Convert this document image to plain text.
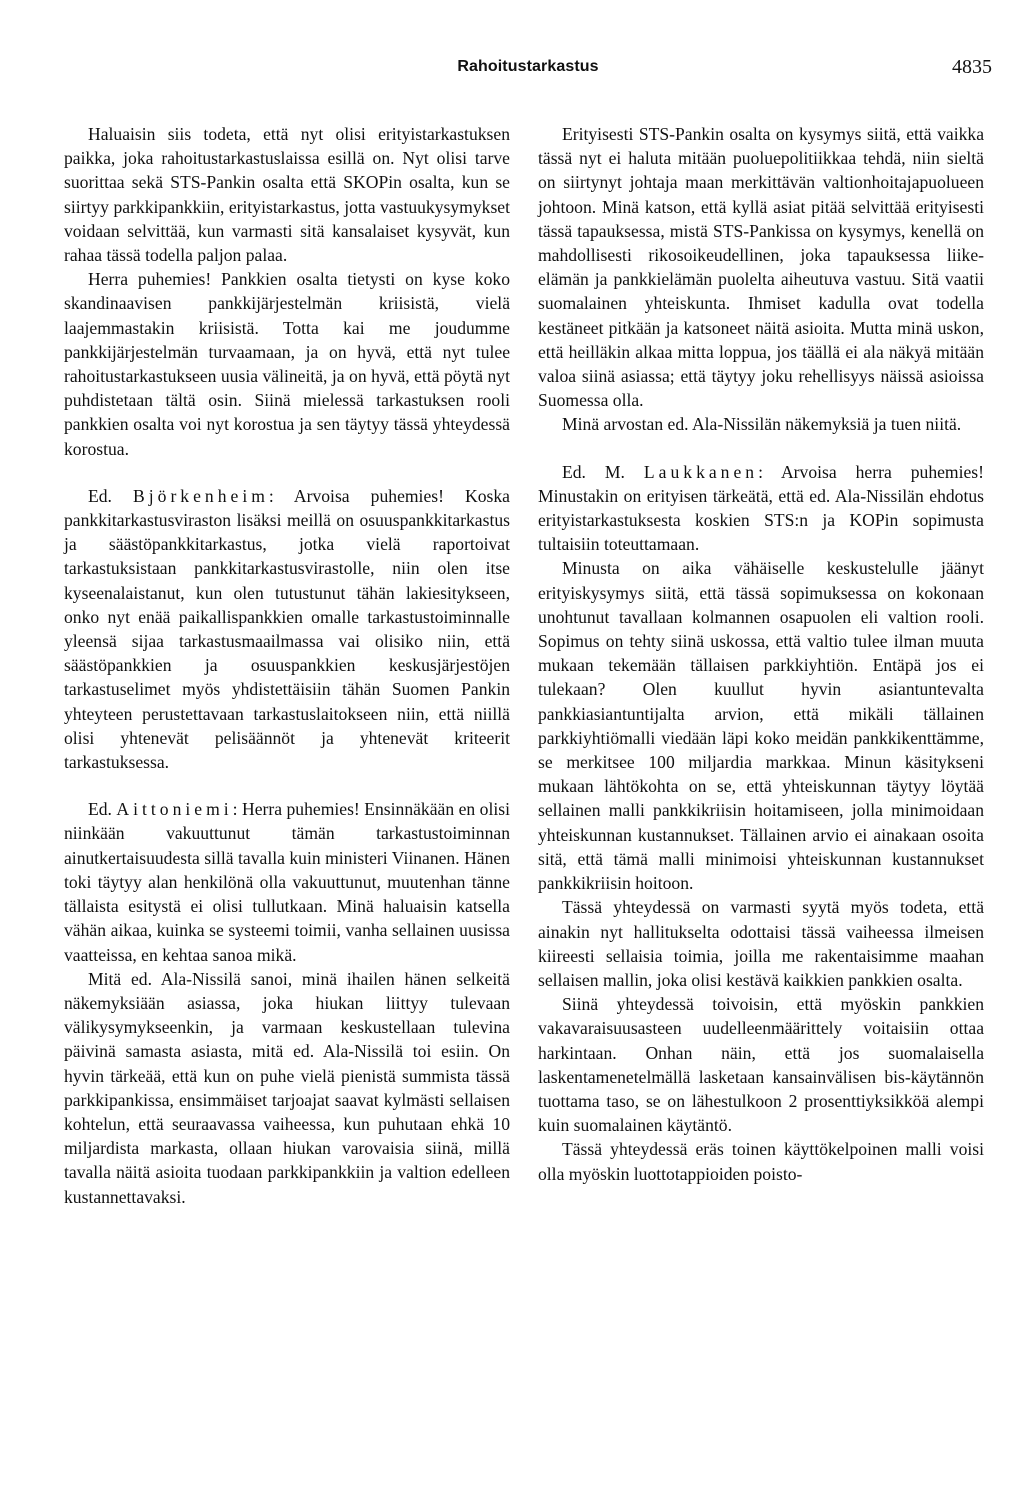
Rahoitustarkastus	4835

Haluaisin siis todeta, että nyt olisi erityistarkastuksen paikka, joka rahoitustarkastuslaissa esillä on. Nyt olisi tarve suorittaa sekä STS-Pankin osalta että SKOPin osalta, kun se siirtyy parkkipankkiin, erityistarkastus, jotta vastuukysymykset voidaan selvittää, kun varmasti sitä kansalaiset kysyvät, kun rahaa tässä todella paljon palaa.

Herra puhemies! Pankkien osalta tietysti on kyse koko skandinaavisen pankkijärjestelmän kriisistä, vielä laajemmastakin kriisistä. Totta kai me joudumme pankkijärjestelmän turvaamaan, ja on hyvä, että nyt tulee rahoitustarkastukseen uusia välineitä, ja on hyvä, että pöytä nyt puhdistetaan tältä osin. Siinä mielessä tarkastuksen rooli pankkien osalta voi nyt korostua ja sen täytyy tässä yhteydessä korostua.

Ed. Björkenheim: Arvoisa puhemies! Koska pankkitarkastusviraston lisäksi meillä on osuuspankkitarkastus ja säästöpankkitarkastus, jotka vielä raportoivat tarkastuksistaan pankkitarkastusvirastolle, niin olen itse kyseenalaistanut, kun olen tutustunut tähän lakiesitykseen, onko nyt enää paikallispankkien omalle tarkastustoiminnalle yleensä sijaa tarkastusmaailmassa vai olisiko niin, että säästöpankkien ja osuuspankkien keskusjärjestöjen tarkastuselimet myös yhdistettäisiin tähän Suomen Pankin yhteyteen perustettavaan tarkastuslaitokseen niin, että niillä olisi yhtenevät pelisäännöt ja yhtenevät kriteerit tarkastuksessa.

Ed. Aittoniemi: Herra puhemies! Ensinnäkään en olisi niinkään vakuuttunut tämän tarkastustoiminnan ainutkertaisuudesta sillä tavalla kuin ministeri Viinanen. Hänen toki täytyy alan henkilönä olla vakuuttunut, muutenhan tänne tällaista esitystä ei olisi tullutkaan. Minä haluaisin katsella vähän aikaa, kuinka se systeemi toimii, vanha sellainen uusissa vaatteissa, en kehtaa sanoa mikä.

Mitä ed. Ala-Nissilä sanoi, minä ihailen hänen selkeitä näkemyksiään asiassa, joka hiukan liittyy tulevaan välikysymykseenkin, ja varmaan keskustellaan tulevina päivinä samasta asiasta, mitä ed. Ala-Nissilä toi esiin. On hyvin tärkeää, että kun on puhe vielä pienistä summista tässä parkkipankissa, ensimmäiset tarjoajat saavat kylmästi sellaisen kohtelun, että seuraavassa vaiheessa, kun puhutaan ehkä 10 miljardista markasta, ollaan hiukan varovaisia siinä, millä tavalla näitä asioita tuodaan parkkipankkiin ja valtion edelleen kustannettavaksi.

Erityisesti STS-Pankin osalta on kysymys siitä, että vaikka tässä nyt ei haluta mitään puoluepolitiikkaa tehdä, niin sieltä on siirtynyt johtaja maan merkittävän valtionhoitajapuolueen johtoon. Minä katson, että kyllä asiat pitää selvittää erityisesti tässä tapauksessa, mistä STS-Pankissa on kysymys, kenellä on mahdollisesti rikosoikeudellinen, joka tapauksessa liike-elämän ja pankkielämän puolelta aiheutuva vastuu. Sitä vaatii suomalainen yhteiskunta. Ihmiset kadulla ovat todella kestäneet pitkään ja katsoneet näitä asioita. Mutta minä uskon, että heilläkin alkaa mitta loppua, jos täällä ei ala näkyä mitään valoa siinä asiassa; että täytyy joku rehellisyys näissä asioissa Suomessa olla.

Minä arvostan ed. Ala-Nissilän näkemyksiä ja tuen niitä.

Ed. M. Laukkanen: Arvoisa herra puhemies! Minustakin on erityisen tärkeätä, että ed. Ala-Nissilän ehdotus erityistarkastuksesta koskien STS:n ja KOPin sopimusta tultaisiin toteuttamaan.

Minusta on aika vähäiselle keskustelulle jäänyt erityiskysymys siitä, että tässä sopimuksessa on kokonaan unohtunut tavallaan kolmannen osapuolen eli valtion rooli. Sopimus on tehty siinä uskossa, että valtio tulee ilman muuta mukaan tekemään tällaisen parkkiyhtiön. Entäpä jos ei tulekaan? Olen kuullut hyvin asiantuntevalta pankkiasiantuntijalta arvion, että mikäli tällainen parkkiyhtiömalli viedään läpi koko meidän pankkikenttämme, se merkitsee 100 miljardia markkaa. Minun käsitykseni mukaan lähtökohta on se, että yhteiskunnan täytyy löytää sellainen malli pankkikriisin hoitamiseen, jolla minimoidaan yhteiskunnan kustannukset. Tällainen arvio ei ainakaan osoita sitä, että tämä malli minimoisi yhteiskunnan kustannukset pankkikriisin hoitoon.

Tässä yhteydessä on varmasti syytä myös todeta, että ainakin nyt hallitukselta odottaisi tässä vaiheessa ilmeisen kiireesti sellaisia toimia, joilla me rakentaisimme maahan sellaisen mallin, joka olisi kestävä kaikkien pankkien osalta.

Siinä yhteydessä toivoisin, että myöskin pankkien vakavaraisuusasteen uudelleenmäärittely voitaisiin ottaa harkintaan. Onhan näin, että jos suomalaisella laskentamenetelmällä lasketaan kansainvälisen bis-käytännön tuottama taso, se on lähestulkoon 2 prosenttiyksikköä alempi kuin suomalainen käytäntö.

Tässä yhteydessä eräs toinen käyttökelpoinen malli voisi olla myöskin luottotappioiden poisto-
